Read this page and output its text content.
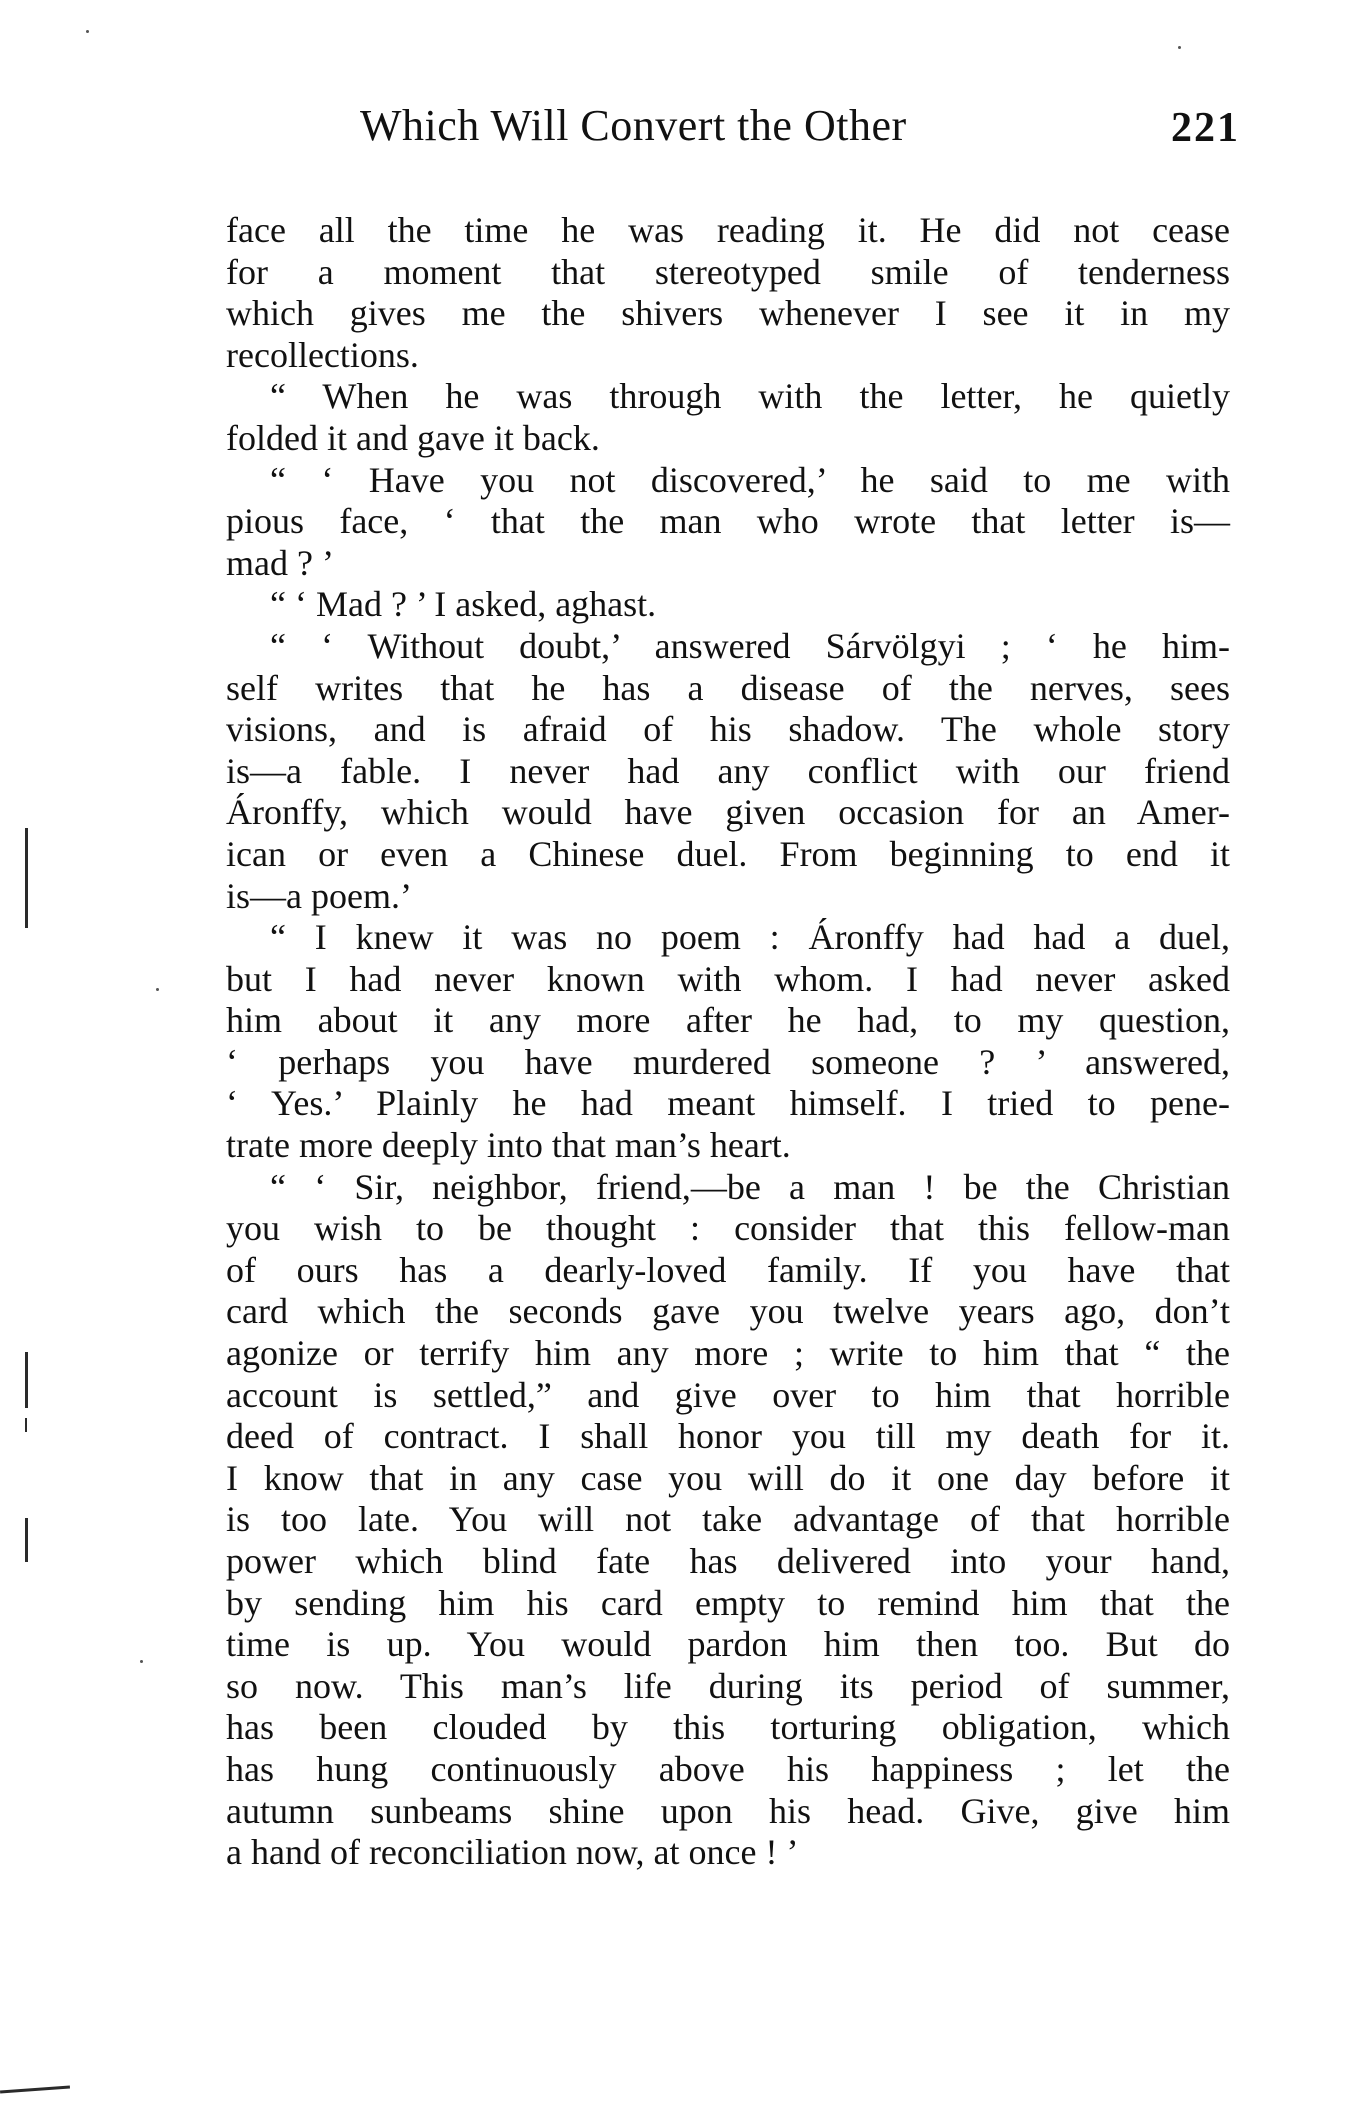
Which Will Convert the Other	221
face all the time he was reading it. He did not cease
for a moment that stereotyped smile of tenderness
which gives me the shivers whenever I see it in my
recollections.
“ When he was through with the letter, he quietly
folded it and gave it back.
“ ‘ Have you not discovered,’ he said to me with
pious face, ‘ that the man who wrote that letter is—
mad ? ’
“ ‘ Mad ? ’ I asked, aghast.
“ ‘ Without doubt,’ answered Sárvölgyi ; ‘ he him-
self writes that he has a disease of the nerves, sees
visions, and is afraid of his shadow. The whole story
is—a fable. I never had any conflict with our friend
Áronffy, which would have given occasion for an Amer-
ican or even a Chinese duel. From beginning to end it
is—a poem.’
“ I knew it was no poem : Áronffy had had a duel,
but I had never known with whom. I had never asked
him about it any more after he had, to my question,
‘ perhaps you have murdered someone ? ’ answered,
‘ Yes.’ Plainly he had meant himself. I tried to pene-
trate more deeply into that man’s heart.
“ ‘ Sir, neighbor, friend,—be a man ! be the Christian
you wish to be thought : consider that this fellow-man
of ours has a dearly-loved family. If you have that
card which the seconds gave you twelve years ago, don’t
agonize or terrify him any more ; write to him that “ the
account is settled,” and give over to him that horrible
deed of contract. I shall honor you till my death for it.
I know that in any case you will do it one day before it
is too late. You will not take advantage of that horrible
power which blind fate has delivered into your hand,
by sending him his card empty to remind him that the
time is up. You would pardon him then too. But do
so now. This man’s life during its period of summer,
has been clouded by this torturing obligation, which
has hung continuously above his happiness ; let the
autumn sunbeams shine upon his head. Give, give him
a hand of reconciliation now, at once ! ’
